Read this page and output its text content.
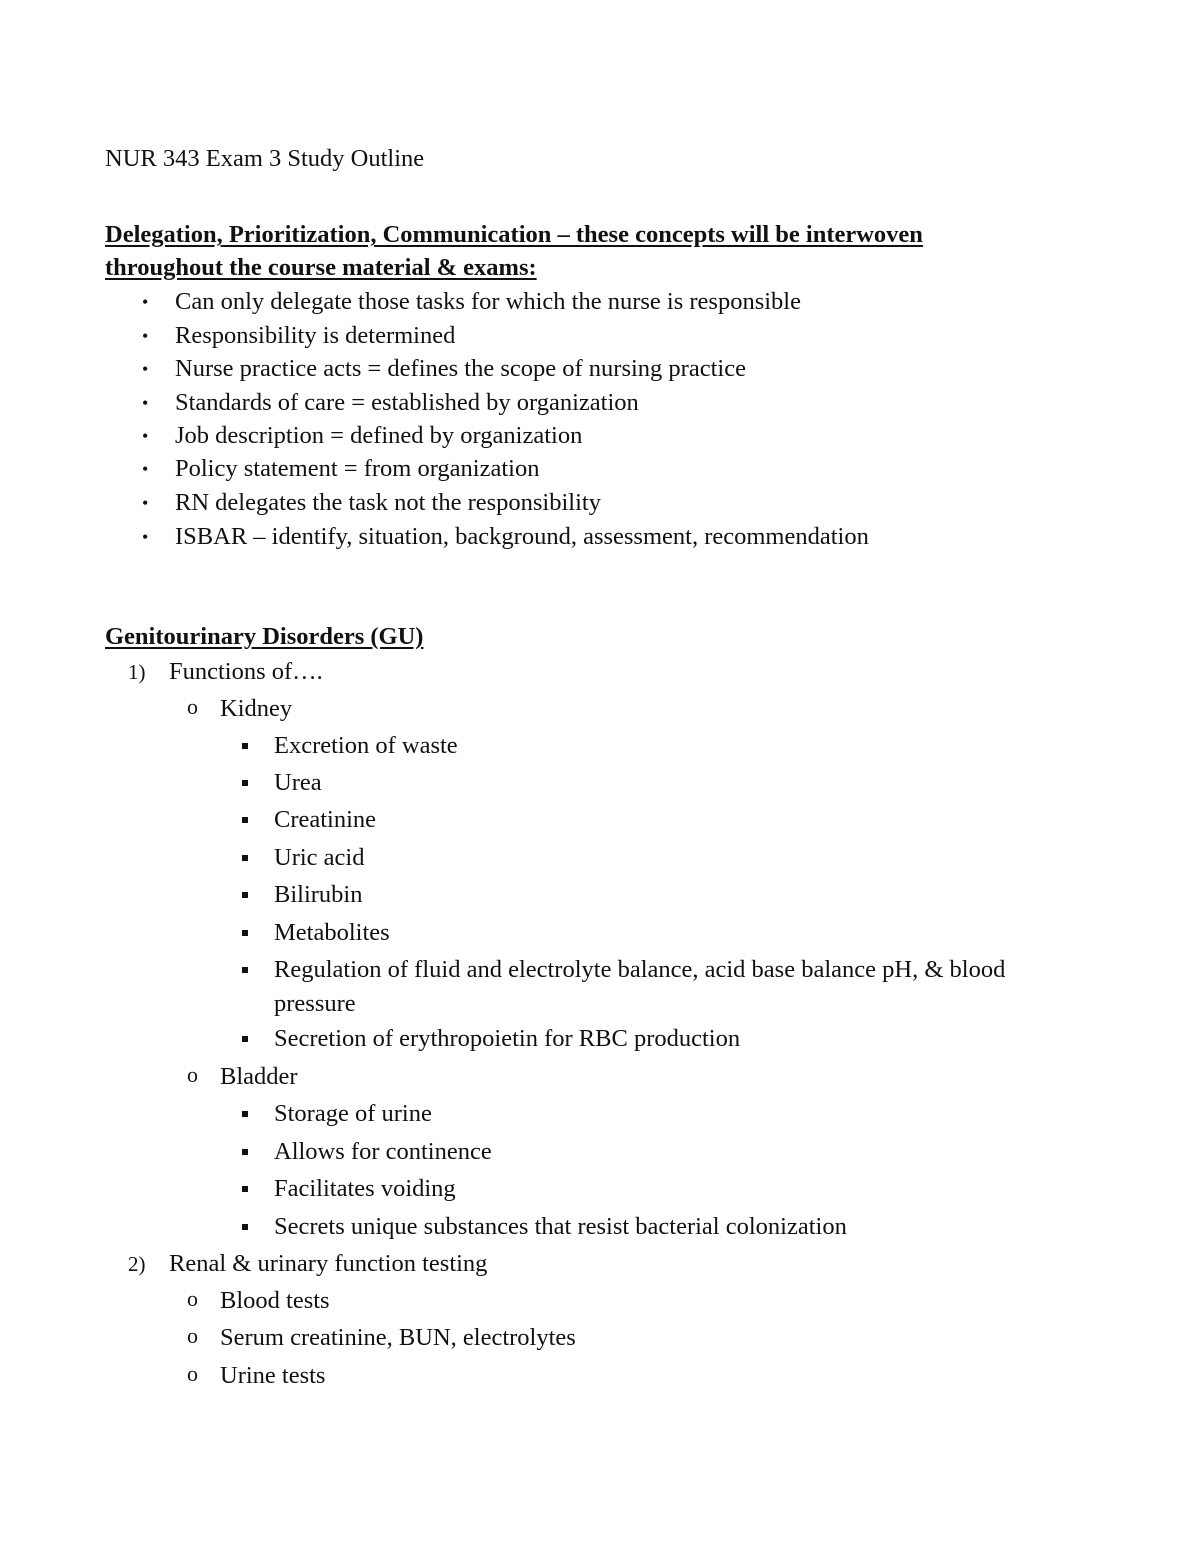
NUR 343 Exam 3 Study Outline
Delegation, Prioritization, Communication – these concepts will be interwoven
throughout the course material & exams:
• Can only delegate those tasks for which the nurse is responsible
• Responsibility is determined
• Nurse practice acts = defines the scope of nursing practice
• Standards of care = established by organization
• Job description = defined by organization
• Policy statement = from organization
• RN delegates the task not the responsibility
• ISBAR – identify, situation, background, assessment, recommendation
Genitourinary Disorders (GU)
1) Functions of….
o Kidney
Excretion of waste
Urea
Creatinine
Uric acid
Bilirubin
Metabolites
Regulation of fluid and electrolyte balance, acid base balance pH, & blood
pressure
Secretion of erythropoietin for RBC production
o Bladder
Storage of urine
Allows for continence
Facilitates voiding
Secrets unique substances that resist bacterial colonization
2) Renal & urinary function testing
o Blood tests
o Serum creatinine, BUN, electrolytes
o Urine tests
